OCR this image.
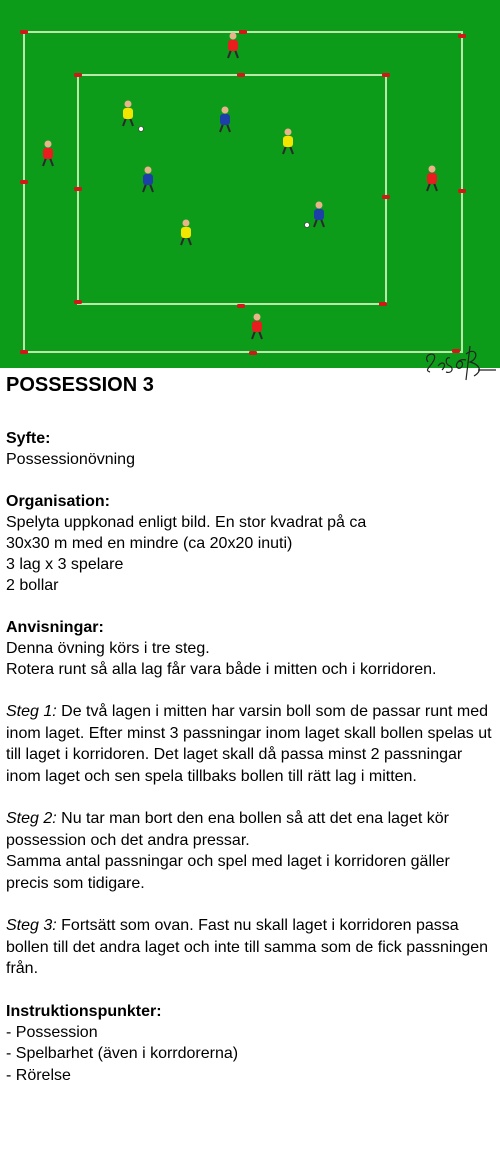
POSSESSION 3

Syfte:

Possessionövning

Organisation:

Spelyta uppkonad enligt bild. En stor kvadrat på ca

30x30 m med en mindre (ca 20x20 inuti)

3 lag x 3 spelare

2 bollar

Anvisningar:

Denna övning körs i tre steg.

Rotera runt så alla lag får vara både i mitten och i korridoren.

Steg 1: De två lagen i mitten har varsin boll som de passar runt med inom laget. Efter minst 3 passningar inom laget skall bollen spelas ut till laget i korridoren. Det laget skall då passa minst 2 passningar inom laget och sen spela tillbaks bollen till rätt lag i mitten.

Steg 2: Nu tar man bort den ena bollen så att det ena laget kör possession och det andra pressar.

Samma antal passningar och spel med laget i korridoren gäller precis som tidigare.

Steg 3: Fortsätt som ovan. Fast nu skall laget i korridoren passa bollen till det andra laget och inte till samma som de fick passningen från.

Instruktionspunkter:

- Possession
- Spelbarhet (även i korrdorerna)
- Rörelse
